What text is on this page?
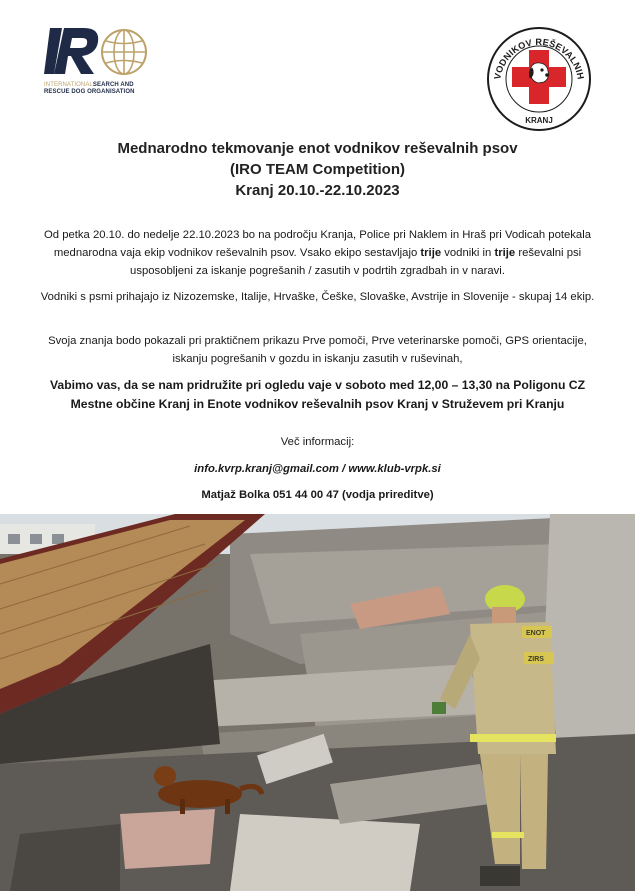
INTERNATIONALSEARCH AND
RESCUE DOG ORGANISATION
VODNIKOV REŠEVALNIH
KRANJ
Mednarodno tekmovanje enot vodnikov reševalnih psov
(IRO TEAM Competition)
Kranj 20.10.-22.10.2023
Od petka 20.10. do nedelje 22.10.2023 bo na področju Kranja, Police pri Naklem in Hraš pri Vodicah potekala mednarodna vaja ekip vodnikov reševalnih psov. Vsako ekipo sestavljajo trije vodniki in trije reševalni psi usposobljeni za iskanje pogrešanih / zasutih v podrtih zgradbah in v naravi.
Vodniki s psmi prihajajo iz Nizozemske, Italije, Hrvaške, Češke, Slovaške, Avstrije in Slovenije - skupaj 14 ekip.
Svoja znanja bodo pokazali pri praktičnem prikazu Prve pomoči, Prve veterinarske pomoči, GPS orientacije, iskanju pogrešanih v gozdu in iskanju zasutih v ruševinah,
Vabimo vas, da se nam pridružite pri ogledu vaje v soboto med 12,00 – 13,30 na Poligonu CZ Mestne občine Kranj in Enote vodnikov reševalnih psov Kranj v Struževem pri Kranju
Več informacij:
info.kvrp.kranj@gmail.com / www.klub-vrpk.si
Matjaž Bolka 051 44 00 47 (vodja prireditve)
ENOT
ZIRS
